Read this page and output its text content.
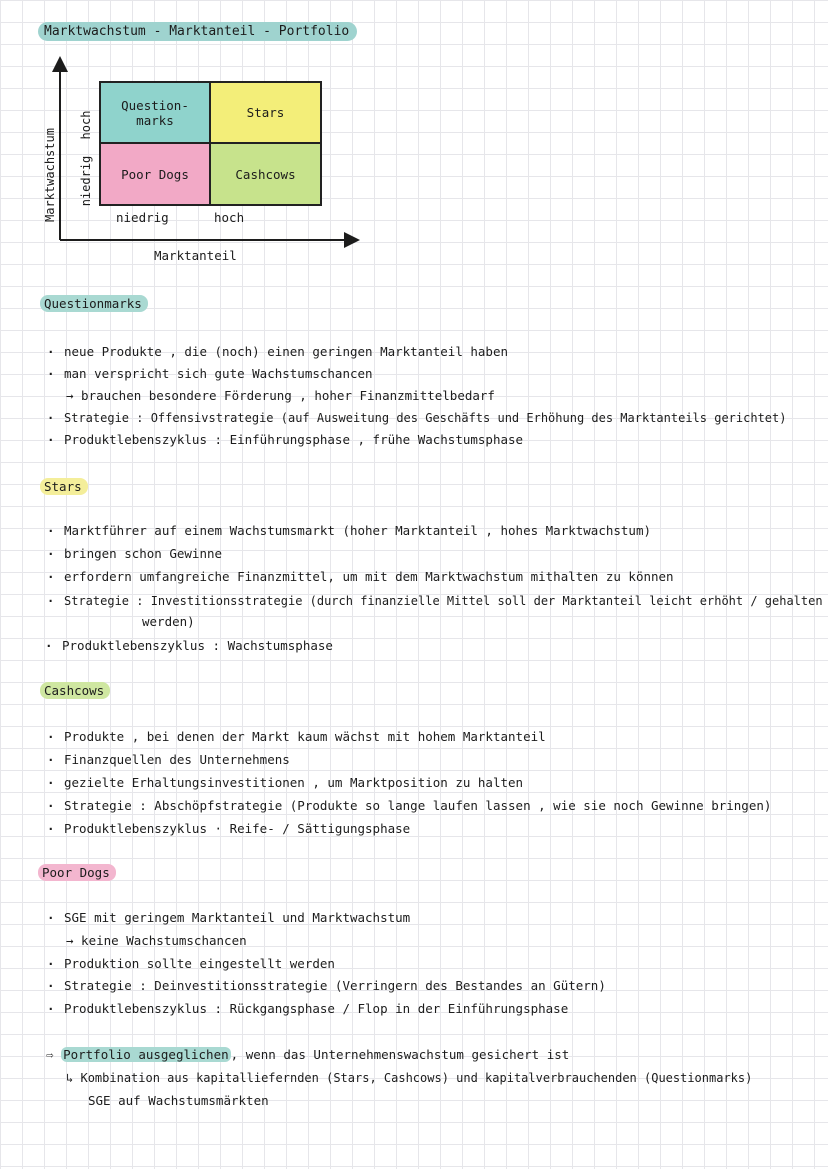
Marktwachstum - Marktanteil - Portfolio
Question-
marks	Stars
Poor Dogs	Cashcows
Marktwachstum
hoch
niedrig
niedrig	hoch
Marktanteil
Questionmarks
· neue Produkte , die (noch) einen geringen Marktanteil haben
· man verspricht sich gute Wachstumschancen
→ brauchen besondere Förderung , hoher Finanzmittelbedarf
· Strategie : Offensivstrategie (auf Ausweitung des Geschäfts und Erhöhung des Marktanteils gerichtet)
· Produktlebenszyklus : Einführungsphase , frühe Wachstumsphase
Stars
· Marktführer auf einem Wachstumsmarkt (hoher Marktanteil , hohes Marktwachstum)
· bringen schon Gewinne
· erfordern umfangreiche Finanzmittel, um mit dem Marktwachstum mithalten zu können
· Strategie : Investitionsstrategie (durch finanzielle Mittel soll der Marktanteil leicht erhöht / gehalten
werden)
· Produktlebenszyklus : Wachstumsphase
Cashcows
· Produkte , bei denen der Markt kaum wächst mit hohem Marktanteil
· Finanzquellen des Unternehmens
· gezielte Erhaltungsinvestitionen , um Marktposition zu halten
· Strategie : Abschöpfstrategie (Produkte so lange laufen lassen , wie sie noch Gewinne bringen)
· Produktlebenszyklus · Reife- / Sättigungsphase
Poor Dogs
· SGE mit geringem Marktanteil und Marktwachstum
→ keine Wachstumschancen
· Produktion sollte eingestellt werden
· Strategie : Deinvestitionsstrategie (Verringern des Bestandes an Gütern)
· Produktlebenszyklus : Rückgangsphase / Flop in der Einführungsphase
⇨ Portfolio ausgeglichen , wenn das Unternehmenswachstum gesichert ist
↳ Kombination aus kapitalliefernden (Stars, Cashcows) und kapitalverbrauchenden (Questionmarks)
SGE auf Wachstumsmärkten
